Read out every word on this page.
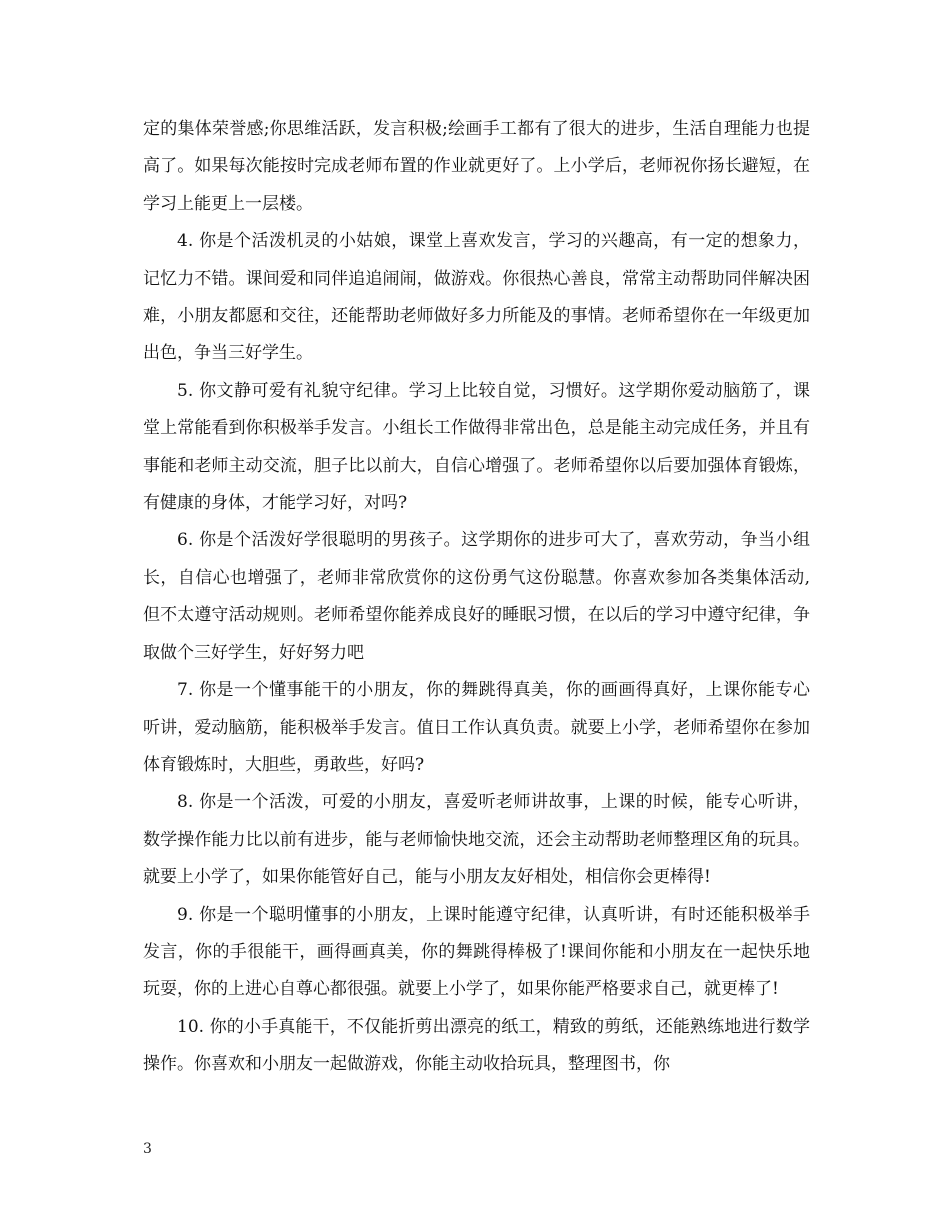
定的集体荣誉感;你思维活跃，发言积极;绘画手工都有了很大的进步，生活自理能力也提高了。如果每次能按时完成老师布置的作业就更好了。上小学后，老师祝你扬长避短，在学习上能更上一层楼。

4. 你是个活泼机灵的小姑娘，课堂上喜欢发言，学习的兴趣高，有一定的想象力，记忆力不错。课间爱和同伴追追闹闹，做游戏。你很热心善良，常常主动帮助同伴解决困难，小朋友都愿和交往，还能帮助老师做好多力所能及的事情。老师希望你在一年级更加出色，争当三好学生。

5. 你文静可爱有礼貌守纪律。学习上比较自觉，习惯好。这学期你爱动脑筋了，课堂上常能看到你积极举手发言。小组长工作做得非常出色，总是能主动完成任务，并且有事能和老师主动交流，胆子比以前大，自信心增强了。老师希望你以后要加强体育锻炼，有健康的身体，才能学习好，对吗?

6. 你是个活泼好学很聪明的男孩子。这学期你的进步可大了，喜欢劳动，争当小组长，自信心也增强了，老师非常欣赏你的这份勇气这份聪慧。你喜欢参加各类集体活动,但不太遵守活动规则。老师希望你能养成良好的睡眠习惯，在以后的学习中遵守纪律，争取做个三好学生，好好努力吧

7. 你是一个懂事能干的小朋友，你的舞跳得真美，你的画画得真好，上课你能专心听讲，爱动脑筋，能积极举手发言。值日工作认真负责。就要上小学，老师希望你在参加体育锻炼时，大胆些，勇敢些，好吗?

8. 你是一个活泼，可爱的小朋友，喜爱听老师讲故事，上课的时候，能专心听讲，数学操作能力比以前有进步，能与老师愉快地交流，还会主动帮助老师整理区角的玩具。就要上小学了，如果你能管好自己，能与小朋友友好相处，相信你会更棒得!

9. 你是一个聪明懂事的小朋友，上课时能遵守纪律，认真听讲，有时还能积极举手发言，你的手很能干，画得画真美，你的舞跳得棒极了!课间你能和小朋友在一起快乐地玩耍，你的上进心自尊心都很强。就要上小学了，如果你能严格要求自己，就更棒了!

10. 你的小手真能干，不仅能折剪出漂亮的纸工，精致的剪纸，还能熟练地进行数学操作。你喜欢和小朋友一起做游戏，你能主动收拾玩具，整理图书，你

3
